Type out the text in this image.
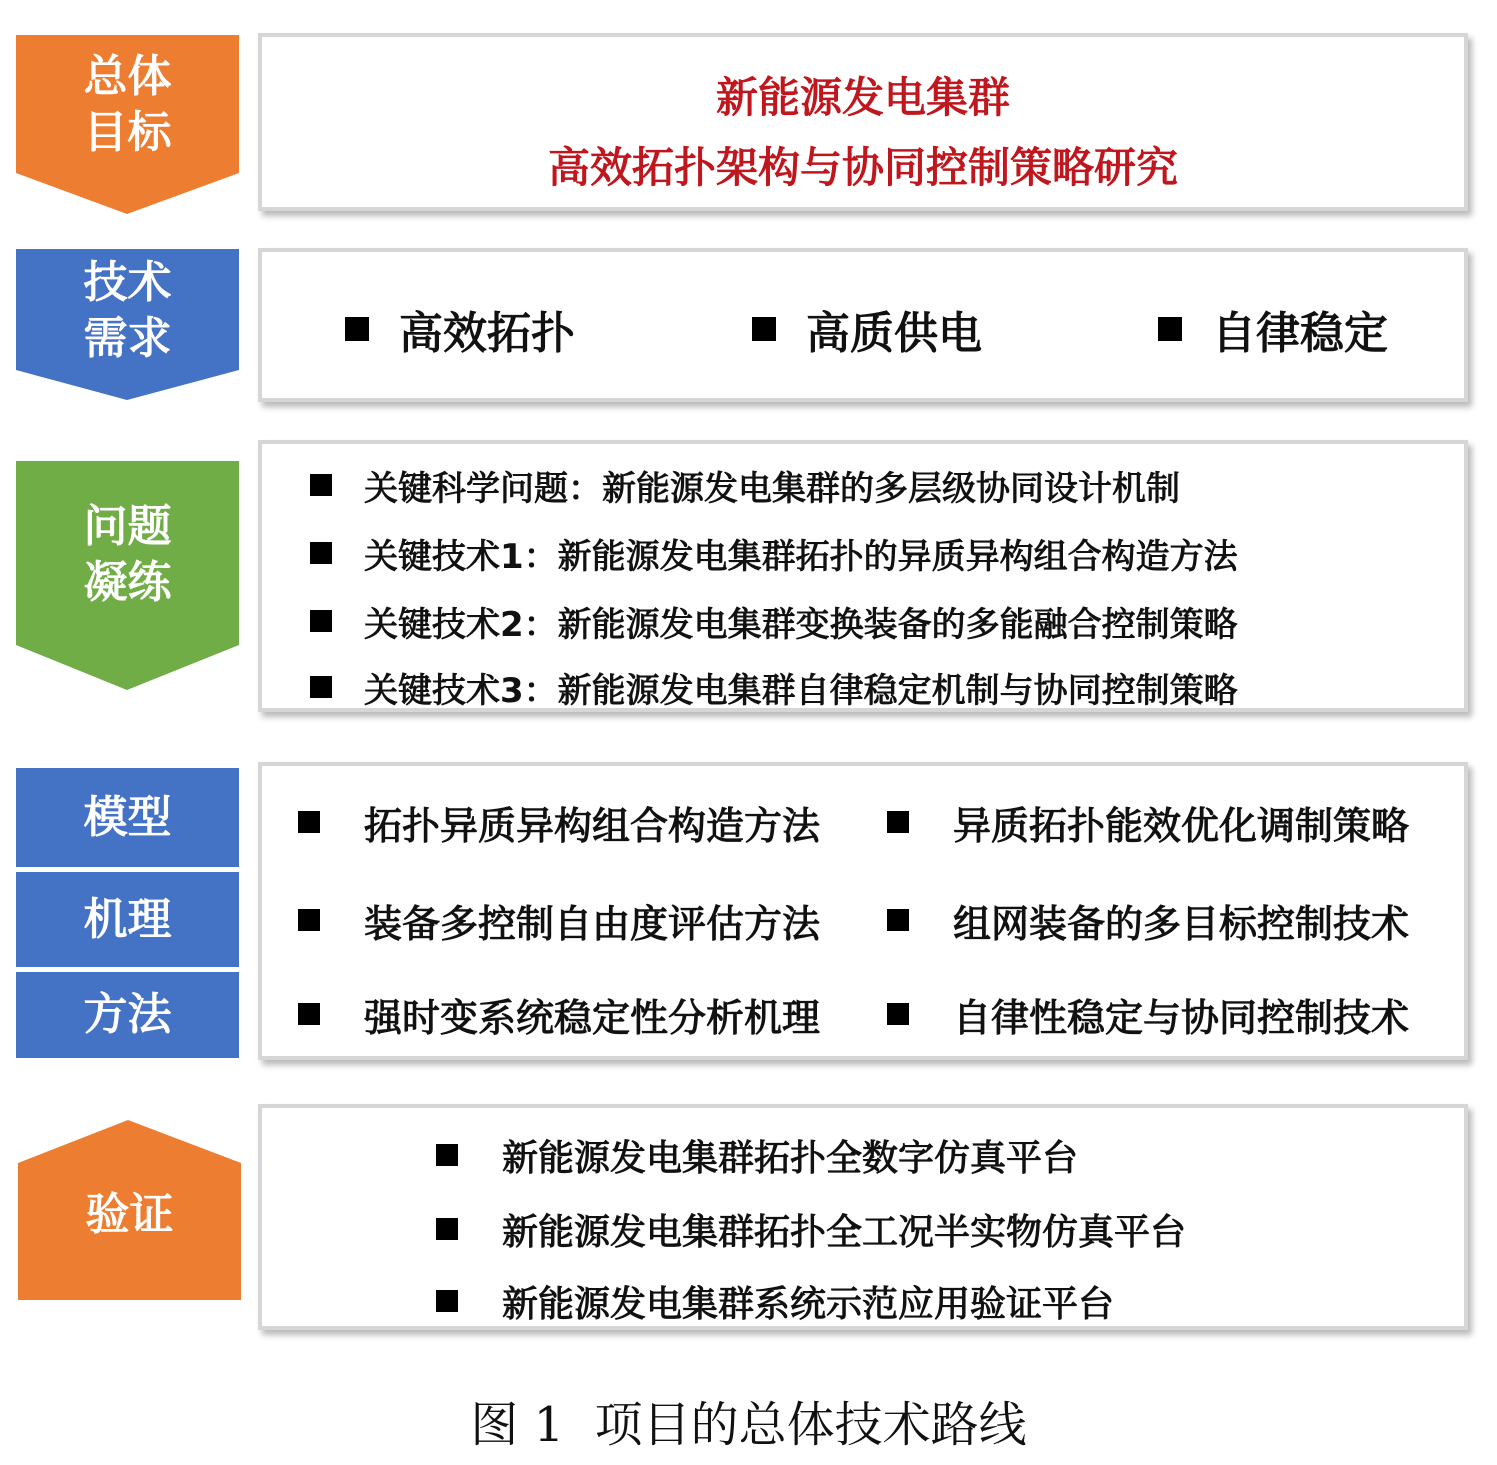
总体
目标
技术
需求
问题
凝练
模型
机理
方法
验证
新能源发电集群
高效拓扑架构与协同控制策略研究
高效拓扑	高质供电	自律稳定
关键科学问题：新能源发电集群的多层级协同设计机制
关键技术1：新能源发电集群拓扑的异质异构组合构造方法
关键技术2：新能源发电集群变换装备的多能融合控制策略
关键技术3：新能源发电集群自律稳定机制与协同控制策略
拓扑异质异构组合构造方法
装备多控制自由度评估方法
强时变系统稳定性分析机理
异质拓扑能效优化调制策略
组网装备的多目标控制技术
自律性稳定与协同控制技术
新能源发电集群拓扑全数字仿真平台
新能源发电集群拓扑全工况半实物仿真平台
新能源发电集群系统示范应用验证平台
图 1  项目的总体技术路线
